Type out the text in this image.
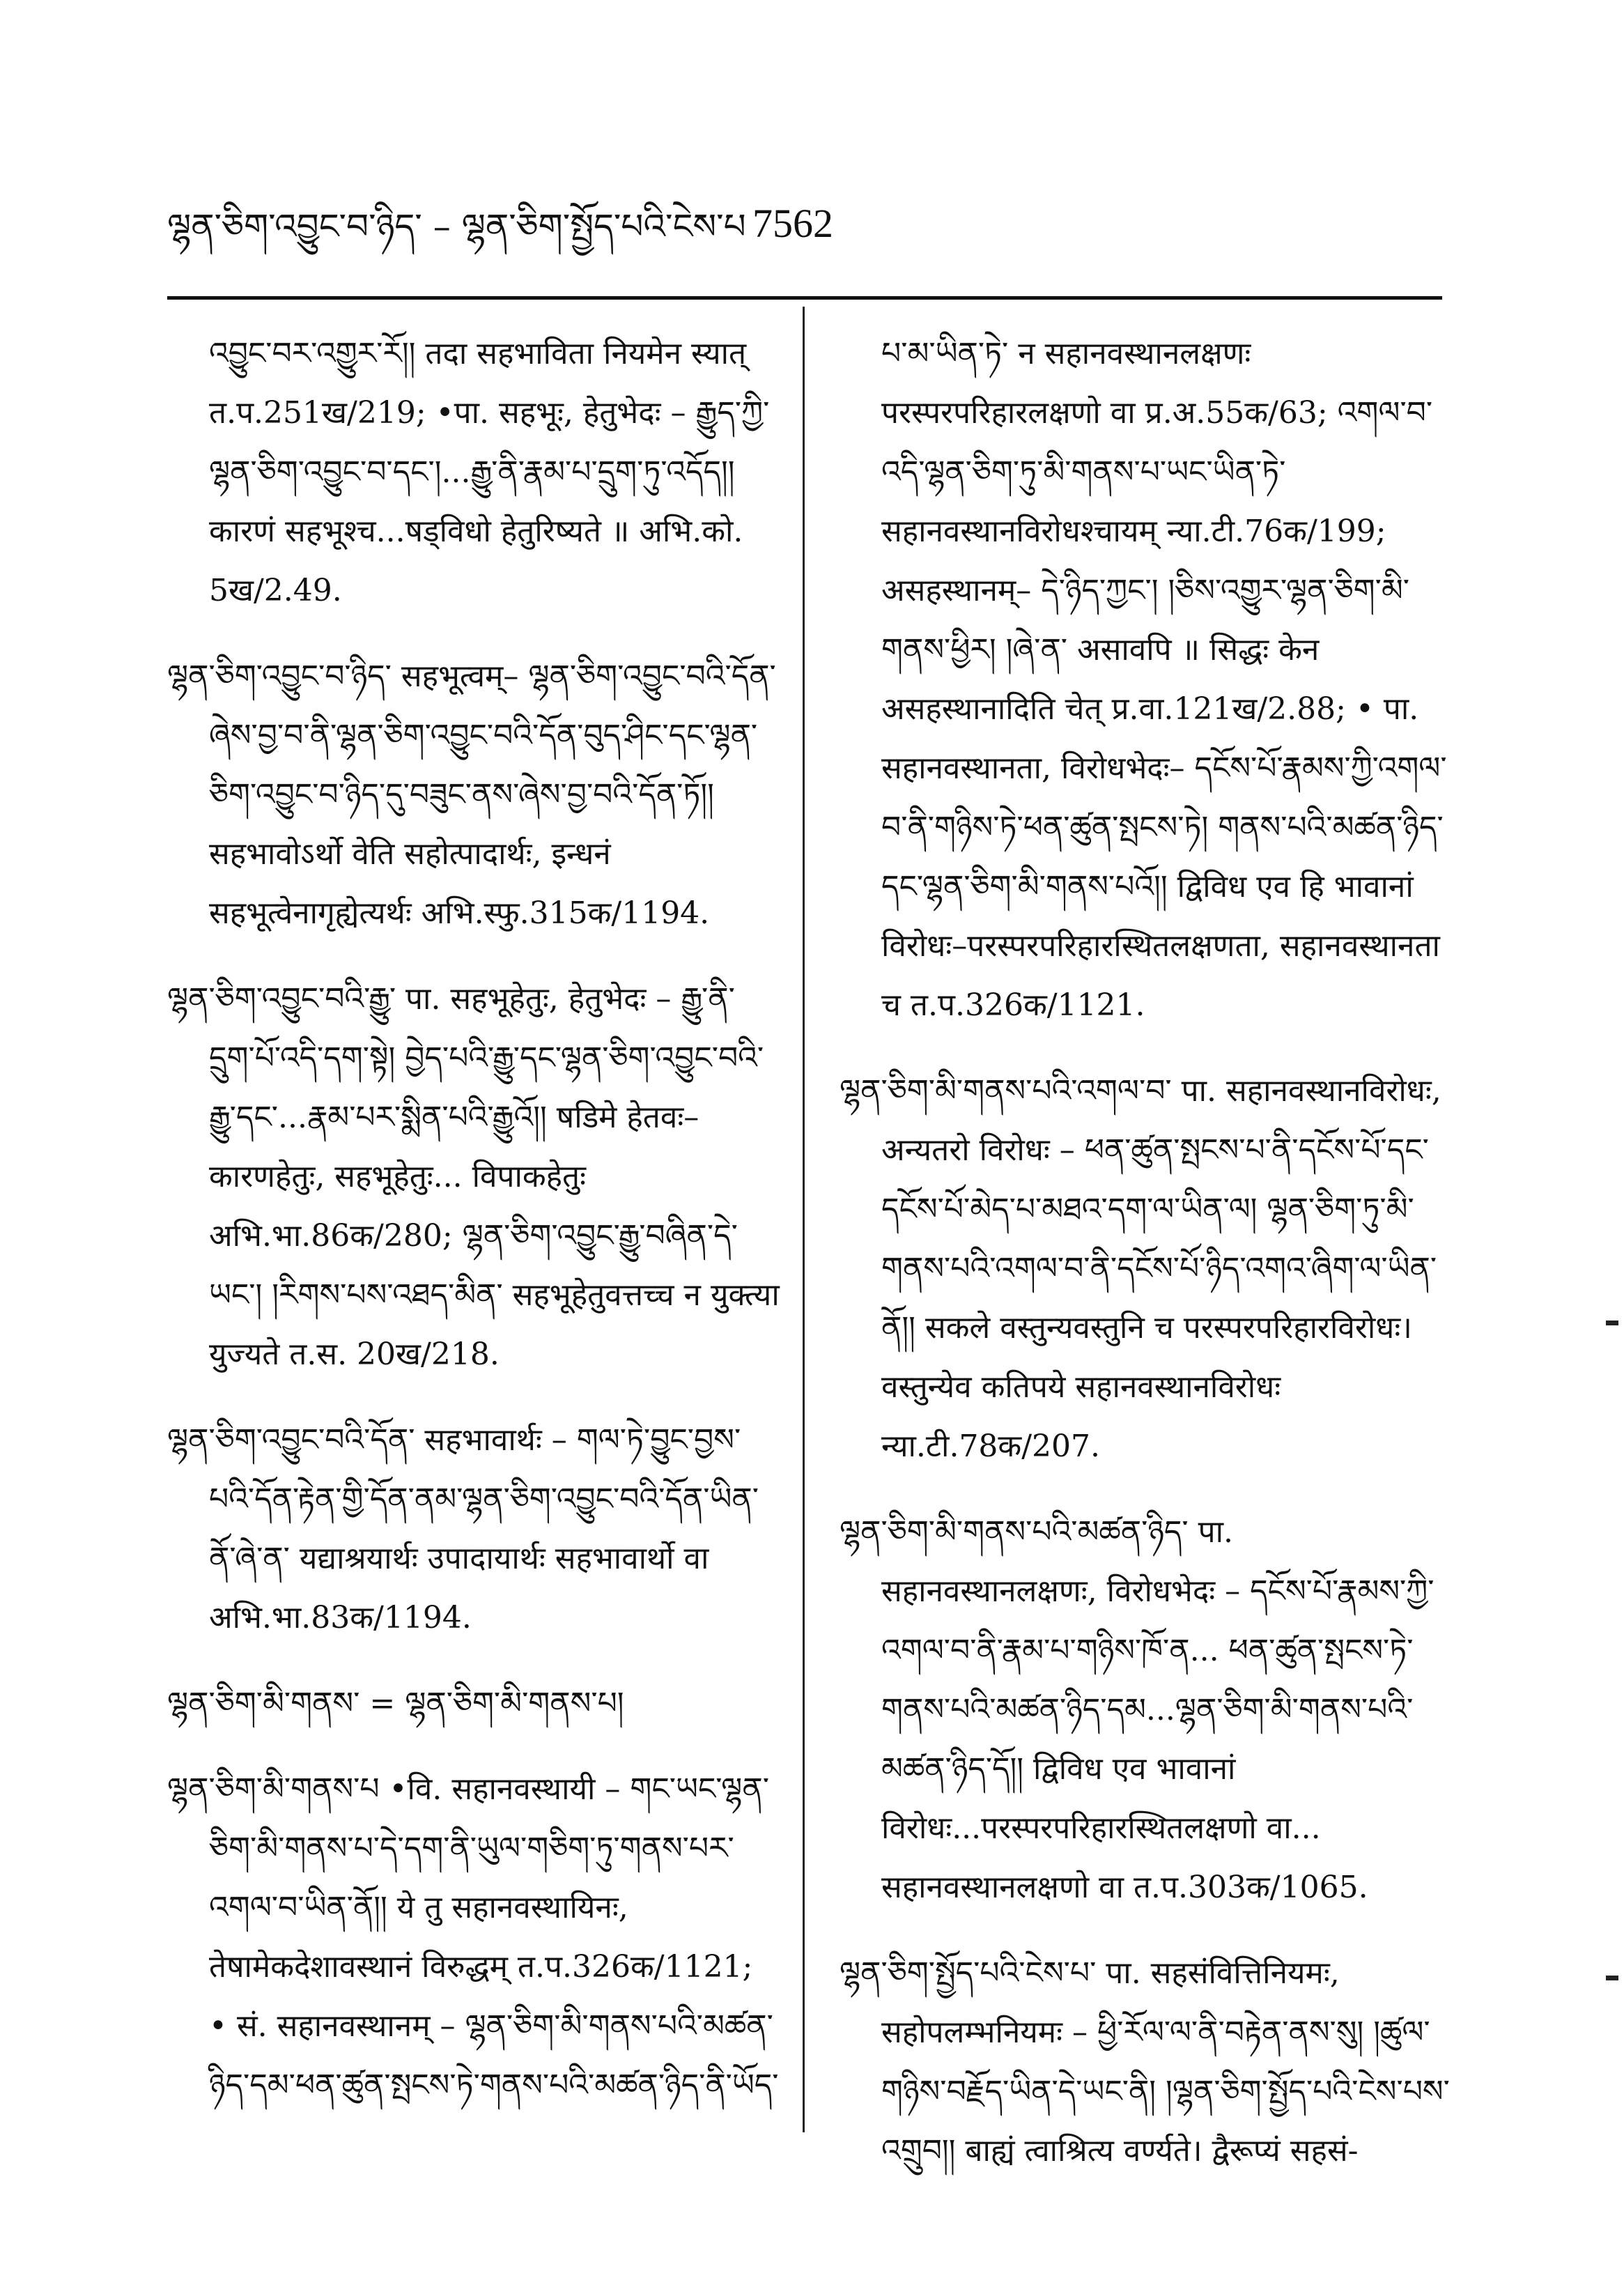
ལྷན་ཅིག་འབྱུང་བ་ཉིད་ – ལྷན་ཅིག་སྤྱོད་པའི་ངེས་པ 7562

འབྱུང་བར་འགྱུར་རོ།། तदा सहभाविता नियमेन स्यात् त.प.251ख/219; •पा. सहभूः, हेतुभेदः – རྒྱུད་ཀྱི་ལྷན་ཅིག་འབྱུང་བ་དང་།...རྒྱུ་ནི་རྣམ་པ་དྲུག་ཏུ་འདོད།། कारणं सहभूश्च...षड्विधो हेतुरिष्यते ॥ अभि.को. 5ख/2.49.

ལྷན་ཅིག་འབྱུང་བ་ཉིད་ सहभूत्वम्– ལྷན་ཅིག་འབྱུང་བའི་དོན་ཞེས་བྱ་བ་ནི་ལྷན་ཅིག་འབྱུང་བའི་དོན་བུད་ཤིང་དང་ལྷན་ཅིག་འབྱུང་བ་ཉིད་དུ་བཟུང་ནས་ཞེས་བྱ་བའི་དོན་ཏོ།། सहभावोऽर्थो वेति सहोत्पादार्थः, इन्धनं सहभूत्वेनागृह्येत्यर्थः अभि.स्फु.315क/1194.

ལྷན་ཅིག་འབྱུང་བའི་རྒྱུ་ पा. सहभूहेतुः, हेतुभेदः – རྒྱུ་ནི་དྲུག་པོ་འདི་དག་སྟེ། བྱེད་པའི་རྒྱུ་དང་ལྷན་ཅིག་འབྱུང་བའི་རྒྱུ་དང་...རྣམ་པར་སྨིན་པའི་རྒྱུའོ།། षडिमे हेतवः– कारणहेतुः, सहभूहेतुः... विपाकहेतुः अभि.भा.86क/280; ལྷན་ཅིག་འབྱུང་རྒྱུ་བཞིན་དེ་ཡང་། །རིགས་པས་འཐད་མིན་ सहभूहेतुवत्तच्च न युक्त्या युज्यते त.स. 20ख/218.

ལྷན་ཅིག་འབྱུང་བའི་དོན་ सहभावार्थः – གལ་ཏེ་བྱུང་བྱས་པའི་དོན་རྟེན་གྱི་དོན་ནམ་ལྷན་ཅིག་འབྱུང་བའི་དོན་ཡིན་ནོ་ཞེ་ན་ यद्याश्रयार्थः उपादायार्थः सहभावार्थो वा अभि.भा.83क/1194.

ལྷན་ཅིག་མི་གནས་ = ལྷན་ཅིག་མི་གནས་པ།

ལྷན་ཅིག་མི་གནས་པ •वि. सहानवस्थायी – གང་ཡང་ལྷན་ཅིག་མི་གནས་པ་དེ་དག་ནི་ཡུལ་གཅིག་ཏུ་གནས་པར་འགལ་བ་ཡིན་ནོ།། ये तु सहानवस्थायिनः, तेषामेकदेशावस्थानं विरुद्धम् त.प.326क/1121; • सं. सहानवस्थानम् – ལྷན་ཅིག་མི་གནས་པའི་མཚན་ཉིད་དམ་ཕན་ཚུན་སྤངས་ཏེ་གནས་པའི་མཚན་ཉིད་ནི་ཡོད་

པ་མ་ཡིན་ཏེ་ न सहानवस्थानलक्षणः परस्परपरिहारलक्षणो वा प्र.अ.55क/63; འགལ་བ་འདི་ལྷན་ཅིག་ཏུ་མི་གནས་པ་ཡང་ཡིན་ཏེ་ सहानवस्थानविरोधश्चायम् न्या.टी.76क/199; असहस्थानम्– དེ་ཉིད་ཀྱང་། །ཅིས་འགྱུར་ལྷན་ཅིག་མི་གནས་ཕྱིར། །ཞེ་ན་ असावपि ॥ सिद्धः केन असहस्थानादिति चेत् प्र.वा.121ख/2.88; • पा. सहानवस्थानता, विरोधभेदः– དངོས་པོ་རྣམས་ཀྱི་འགལ་བ་ནི་གཉིས་ཏེ་ཕན་ཚུན་སྤངས་ཏེ། གནས་པའི་མཚན་ཉིད་དང་ལྷན་ཅིག་མི་གནས་པའོ།། द्विविध एव हि भावानां विरोधः–परस्परपरिहारस्थितलक्षणता, सहानवस्थानता च त.प.326क/1121.

ལྷན་ཅིག་མི་གནས་པའི་འགལ་བ་ पा. सहानवस्थानविरोधः, अन्यतरो विरोधः – ཕན་ཚུན་སྤངས་པ་ནི་དངོས་པོ་དང་དངོས་པོ་མེད་པ་མཐའ་དག་ལ་ཡིན་ལ། ལྷན་ཅིག་ཏུ་མི་གནས་པའི་འགལ་བ་ནི་དངོས་པོ་ཉིད་འགའ་ཞིག་ལ་ཡིན་ནོ།། सकले वस्तुन्यवस्तुनि च परस्परपरिहारविरोधः। वस्तुन्येव कतिपये सहानवस्थानविरोधः न्या.टी.78क/207.

ལྷན་ཅིག་མི་གནས་པའི་མཚན་ཉིད་ पा. सहानवस्थानलक्षणः, विरोधभेदः – དངོས་པོ་རྣམས་ཀྱི་འགལ་བ་ནི་རྣམ་པ་གཉིས་ཁོ་ན... ཕན་ཚུན་སྤངས་ཏེ་གནས་པའི་མཚན་ཉིད་དམ...ལྷན་ཅིག་མི་གནས་པའི་མཚན་ཉིད་དོ།། द्विविध एव भावानां विरोधः...परस्परपरिहारस्थितलक्षणो वा... सहानवस्थानलक्षणो वा त.प.303क/1065.

ལྷན་ཅིག་སྤྱོད་པའི་ངེས་པ་ पा. सहसंवित्तिनियमः, सहोपलम्भनियमः – ཕྱི་རོལ་ལ་ནི་བརྟེན་ནས་སུ། །ཚུལ་གཉིས་བརྗོད་ཡིན་དེ་ཡང་ནི། །ལྷན་ཅིག་སྤྱོད་པའི་ངེས་པས་འགྲུབ།། बाह्यं त्वाश्रित्य वर्ण्यते। द्वैरूप्यं सहसं-
